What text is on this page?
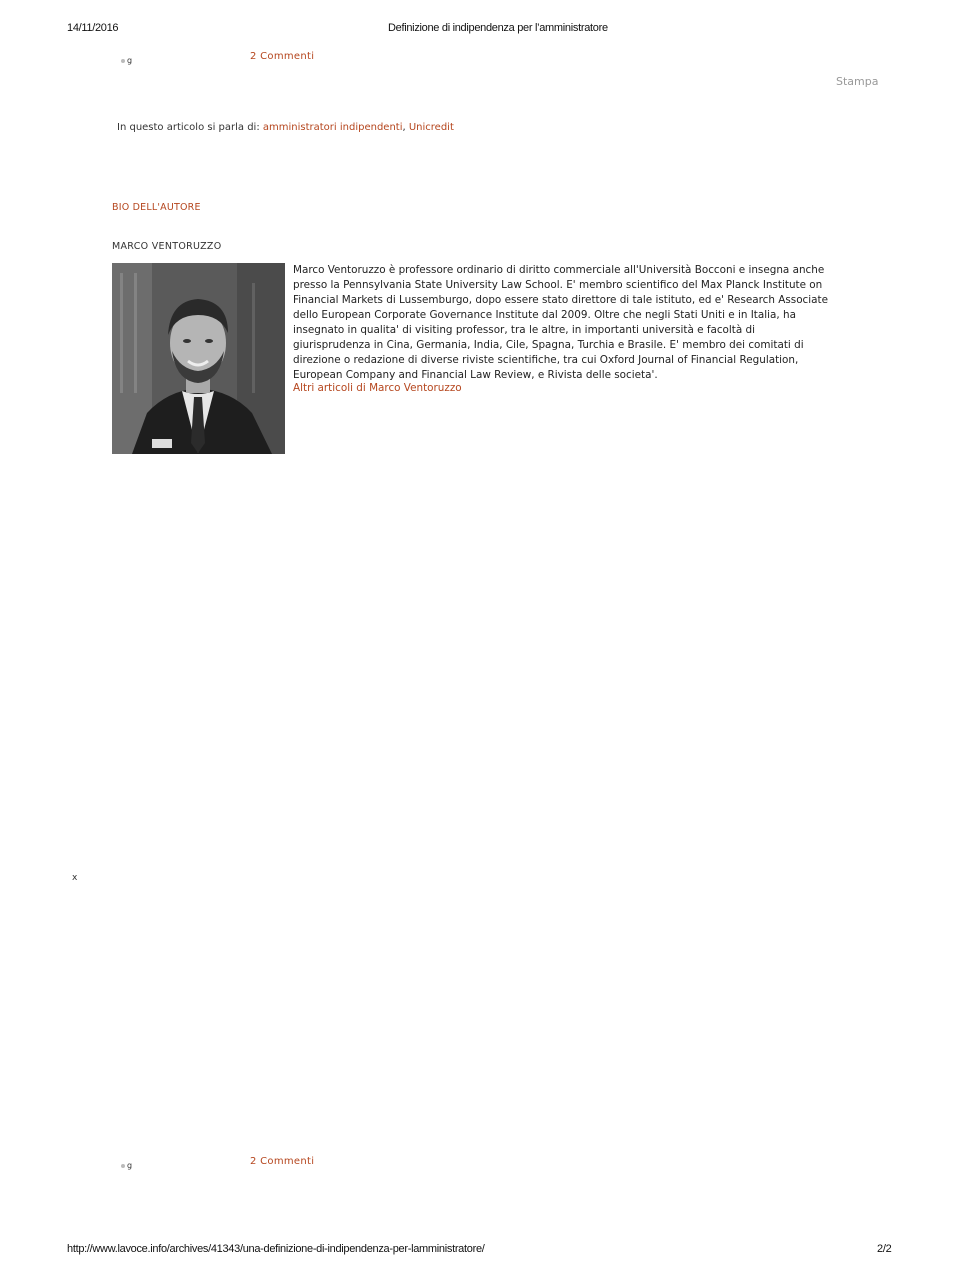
14/11/2016	Definizione di indipendenza per l’amministratore
g	2 Commenti
Stampa
In questo articolo si parla di: amministratori indipendenti, Unicredit
BIO DELL'AUTORE
MARCO VENTORUZZO
Marco Ventoruzzo è professore ordinario di diritto commerciale all'Università Bocconi e insegna anche
presso la Pennsylvania State University Law School. E' membro scientifico del Max Planck Institute on
Financial Markets di Lussemburgo, dopo essere stato direttore di tale istituto, ed e' Research Associate
dello European Corporate Governance Institute dal 2009. Oltre che negli Stati Uniti e in Italia, ha
insegnato in qualita' di visiting professor, tra le altre, in importanti università e facoltà di
giurisprudenza in Cina, Germania, India, Cile, Spagna, Turchia e Brasile. E' membro dei comitati di
direzione o redazione di diverse riviste scientifiche, tra cui Oxford Journal of Financial Regulation,
European Company and Financial Law Review, e Rivista delle societa'.
Altri articoli di Marco Ventoruzzo
x
g	2 Commenti
http://www.lavoce.info/archives/41343/una-definizione-di-indipendenza-per-lamministratore/	2/2
